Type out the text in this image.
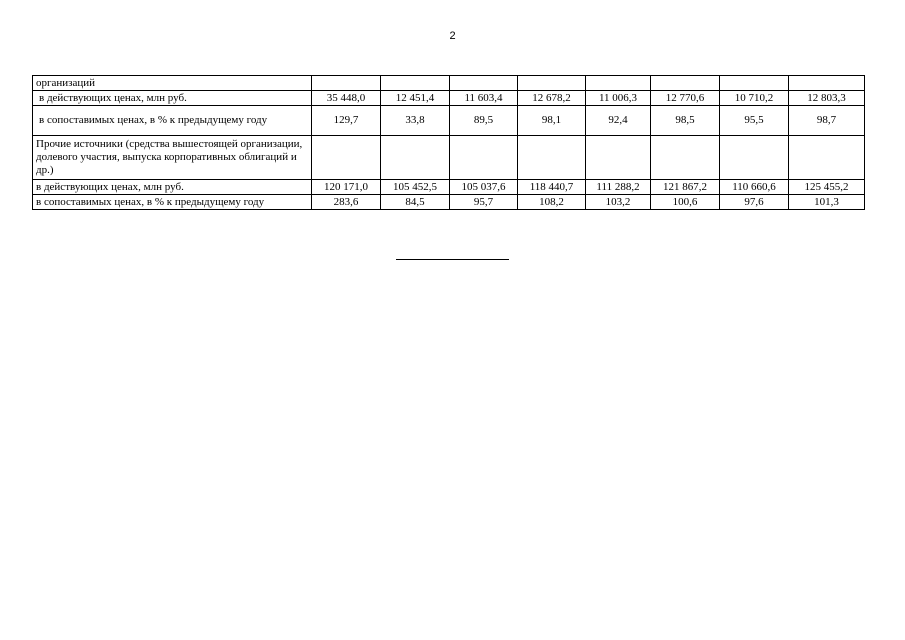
2
организаций								
в действующих ценах, млн руб.	35 448,0	12 451,4	11 603,4	12 678,2	11 006,3	12 770,6	10 710,2	12 803,3
в сопоставимых ценах, в % к предыдущему году	129,7	33,8	89,5	98,1	92,4	98,5	95,5	98,7
Прочие источники (средства вышестоящей организации, долевого участия, выпуска корпоративных облигаций и др.)								
в действующих ценах, млн руб.	120 171,0	105 452,5	105 037,6	118 440,7	111 288,2	121 867,2	110 660,6	125 455,2
в сопоставимых ценах, в % к предыдущему году	283,6	84,5	95,7	108,2	103,2	100,6	97,6	101,3
